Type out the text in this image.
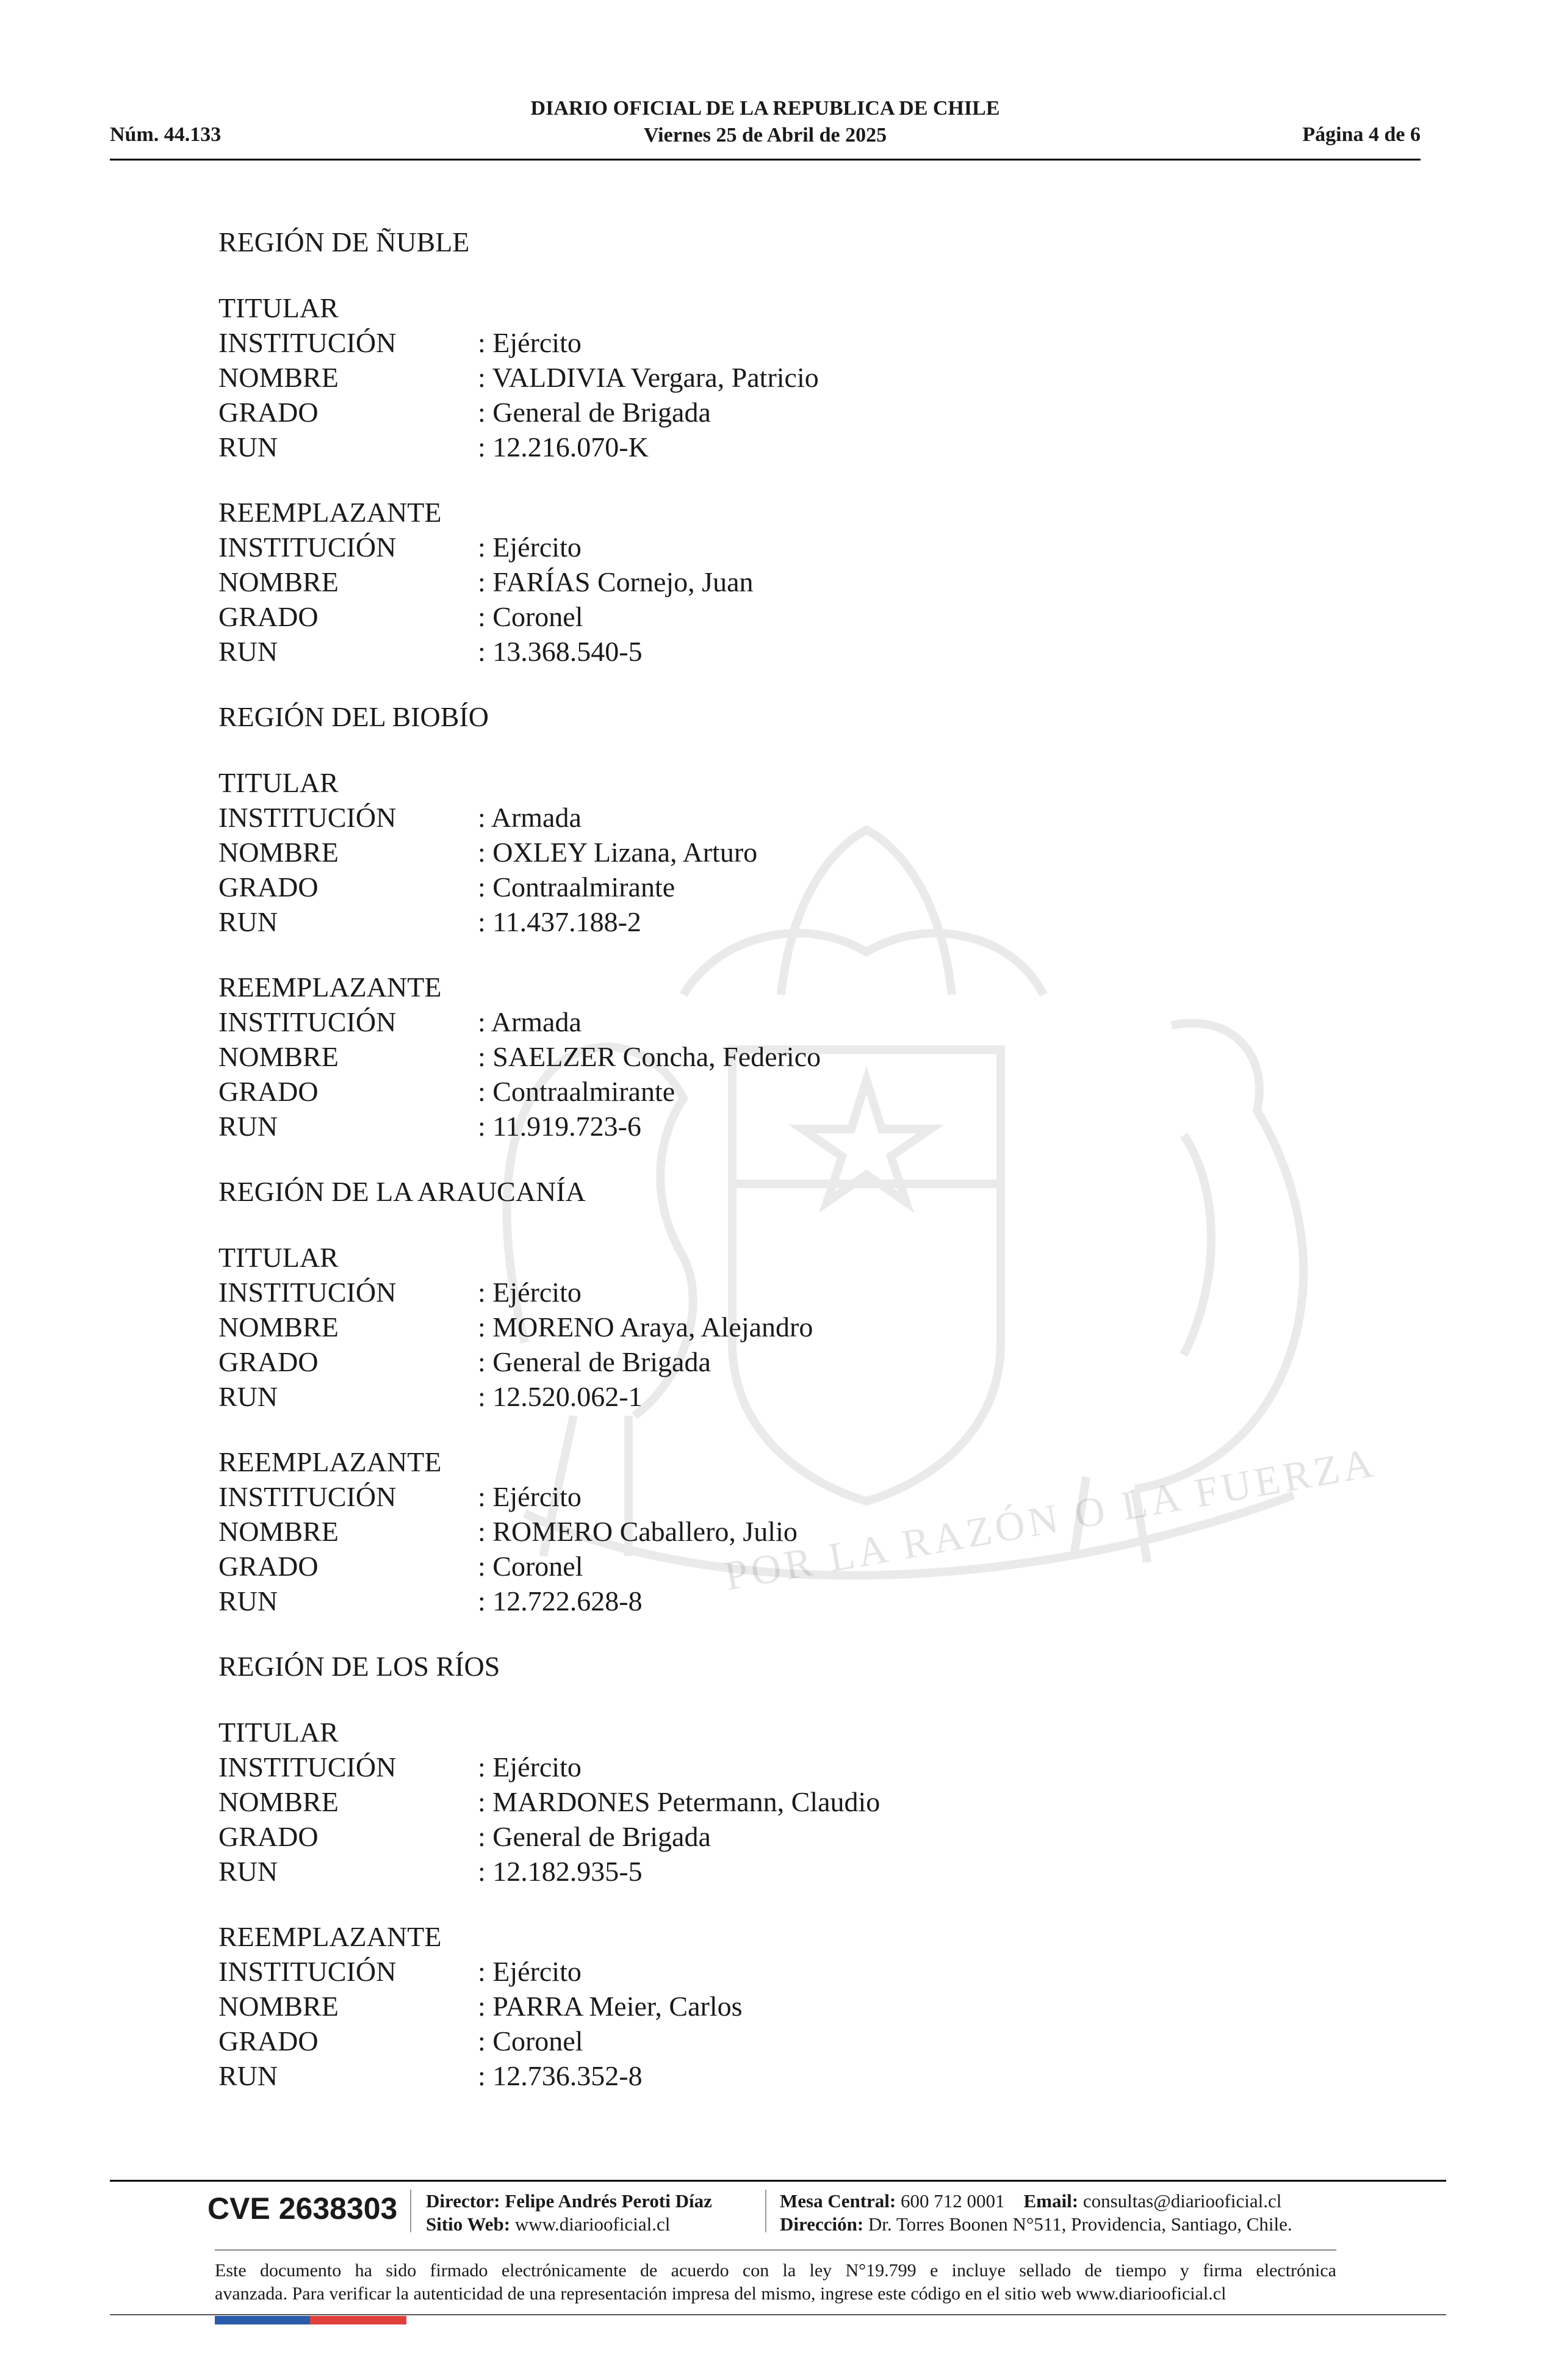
Núm. 44.133
DIARIO OFICIAL DE LA REPUBLICA DE CHILE
Viernes 25 de Abril de 2025	Página 4 de 6
POR LA RAZÓN O LA FUERZA
REGIÓN DE ÑUBLE
TITULAR
INSTITUCIÓN	: Ejército
NOMBRE	: VALDIVIA Vergara, Patricio
GRADO	: General de Brigada
RUN	: 12.216.070-K
REEMPLAZANTE
INSTITUCIÓN	: Ejército
NOMBRE	: FARÍAS Cornejo, Juan
GRADO	: Coronel
RUN	: 13.368.540-5
REGIÓN DEL BIOBÍO
TITULAR
INSTITUCIÓN	: Armada
NOMBRE	: OXLEY Lizana, Arturo
GRADO	: Contraalmirante
RUN	: 11.437.188-2
REEMPLAZANTE
INSTITUCIÓN	: Armada
NOMBRE	: SAELZER Concha, Federico
GRADO	: Contraalmirante
RUN	: 11.919.723-6
REGIÓN DE LA ARAUCANÍA
TITULAR
INSTITUCIÓN	: Ejército
NOMBRE	: MORENO Araya, Alejandro
GRADO	: General de Brigada
RUN	: 12.520.062-1
REEMPLAZANTE
INSTITUCIÓN	: Ejército
NOMBRE	: ROMERO Caballero, Julio
GRADO	: Coronel
RUN	: 12.722.628-8
REGIÓN DE LOS RÍOS
TITULAR
INSTITUCIÓN	: Ejército
NOMBRE	: MARDONES Petermann, Claudio
GRADO	: General de Brigada
RUN	: 12.182.935-5
REEMPLAZANTE
INSTITUCIÓN	: Ejército
NOMBRE	: PARRA Meier, Carlos
GRADO	: Coronel
RUN	: 12.736.352-8
CVE 2638303 Director: Felipe Andrés Peroti Díaz
Sitio Web: www.diariooficial.cl
Mesa Central: 600 712 0001 Email: consultas@diariooficial.cl
Dirección: Dr. Torres Boonen N°511, Providencia, Santiago, Chile.
Este documento ha sido firmado electrónicamente de acuerdo con la ley N°19.799 e incluye sellado de tiempo y firma electrónica
avanzada. Para verificar la autenticidad de una representación impresa del mismo, ingrese este código en el sitio web www.diariooficial.cl
